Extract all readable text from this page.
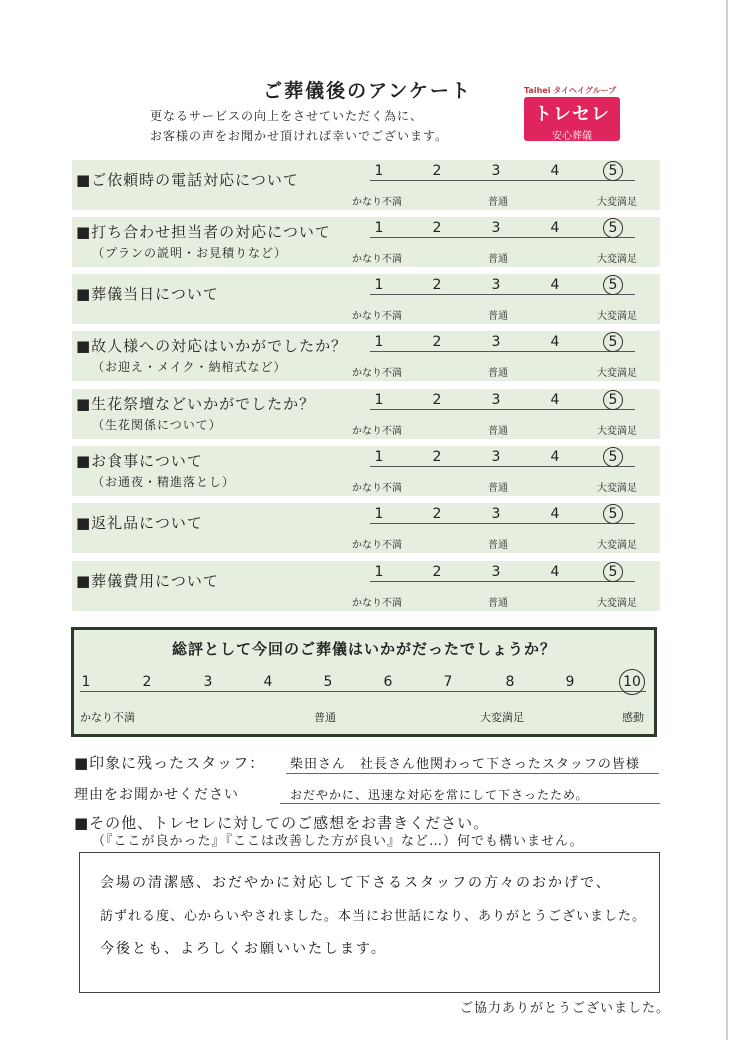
ご葬儀後のアンケート
更なるサービスの向上をさせていただく為に、
お客様の声をお聞かせ頂ければ幸いでございます。
Taihei タイヘイグループ
トレセレ
安心葬儀
■ご依頼時の電話対応について	1	2	3	4	5
かなり不満	普通	大変満足
■打ち合わせ担当者の対応について
（プランの説明・お見積りなど）
1	2	3	4	5
かなり不満	普通	大変満足
■葬儀当日について	1	2	3	4	5
かなり不満	普通	大変満足
■故人様への対応はいかがでしたか？
（お迎え・メイク・納棺式など）
1	2	3	4	5
かなり不満	普通	大変満足
■生花祭壇などいかがでしたか？
（生花関係について）
1	2	3	4	5
かなり不満	普通	大変満足
■お食事について
（お通夜・精進落とし）
1	2	3	4	5
かなり不満	普通	大変満足
■返礼品について	1	2	3	4	5
かなり不満	普通	大変満足
■葬儀費用について	1	2	3	4	5
かなり不満	普通	大変満足
総評として今回のご葬儀はいかがだったでしょうか？
1	2	3	4	5	6	7	8	9	10
かなり不満	普通	大変満足	感動
■印象に残ったスタッフ： 柴田さん　社長さん他関わって下さったスタッフの皆様
理由をお聞かせください	おだやかに、迅速な対応を常にして下さったため。
■その他、トレセレに対してのご感想をお書きください。
（『ここが良かった』『ここは改善した方が良い』など…）何でも構いません。
会場の清潔感、おだやかに対応して下さるスタッフの方々のおかげで、
訪ずれる度、心からいやされました。本当にお世話になり、ありがとうございました。
今後とも、よろしくお願いいたします。
ご協力ありがとうございました。
